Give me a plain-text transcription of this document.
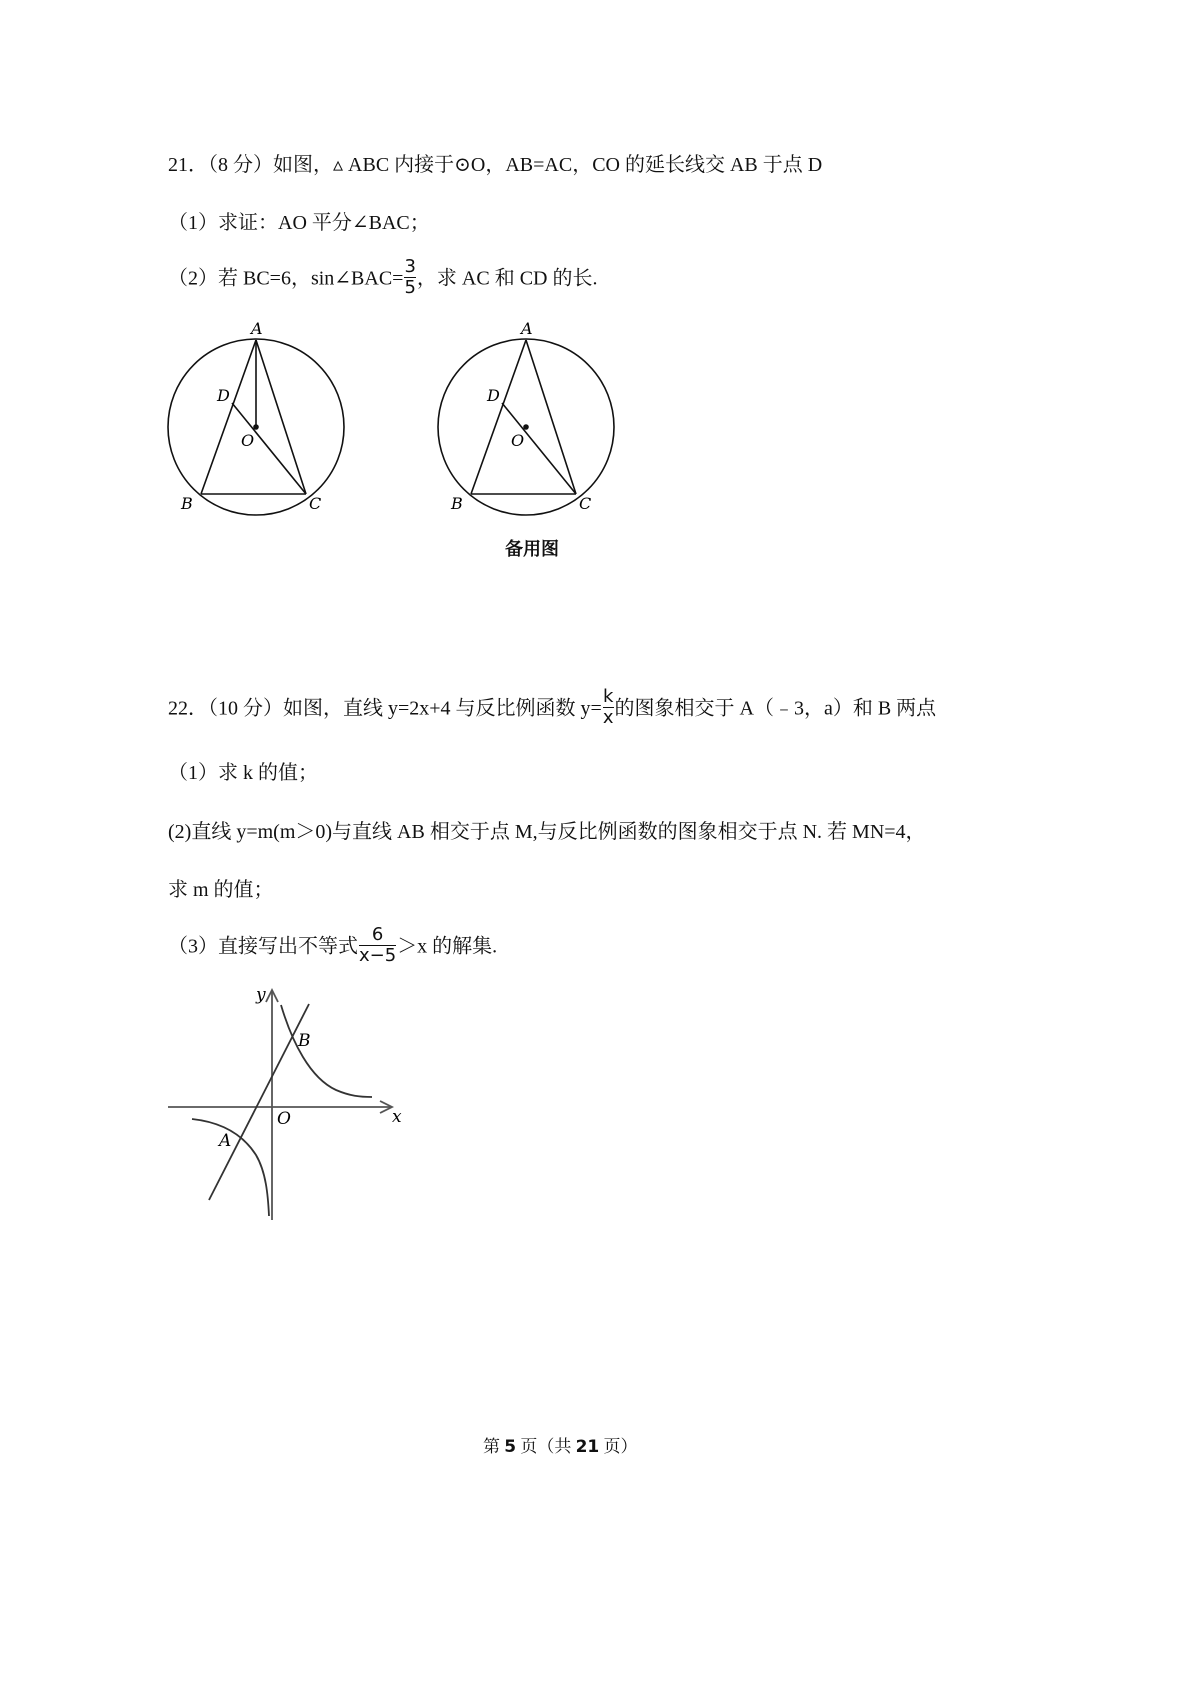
21．（8 分）如图，▵ ABC 内接于⊙O，AB=AC，CO 的延长线交 AB 于点 D
（1）求证：AO 平分∠BAC；
（2）若 BC=6，sin∠BAC= $\frac{3}{5}$ ，求 AC 和 CD 的长.
A
D
O
B	C
A
D
O
B	C
备用图
22．（10 分）如图，直线 y=2x+4 与反比例函数 $y= \frac{k}{x}$ 的图象相交于 A（﹣3，a）和 B 两点
（1）求 k 的值；
(2)直线 y=m(m＞0)与直线 AB 相交于点 M,与反比例函数的图象相交于点 N. 若 MN=4，
求 m 的值；
（3）直接写出不等式 $\frac{6}{x-5} >x$ 的解集.
y
x
O
B
A
第 5 页（共 21 页）
